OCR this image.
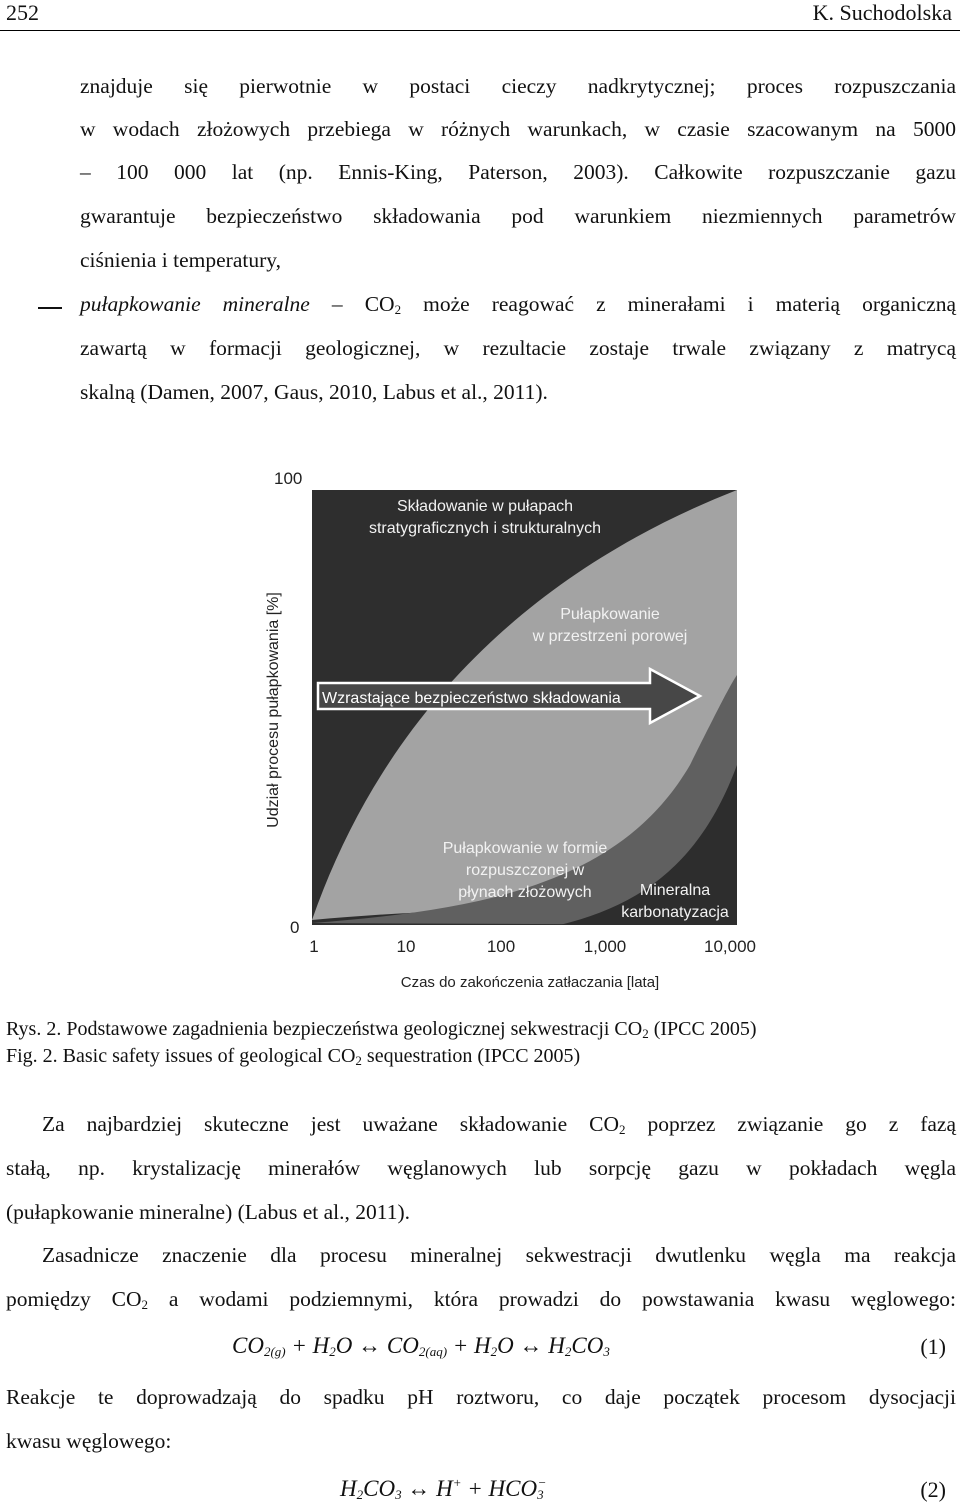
252	K. Suchodolska
znajduje się pierwotnie w postaci cieczy nadkrytycznej; proces rozpuszczania
w wodach złożowych przebiega w różnych warunkach, w czasie szacowanym na 5000
– 100 000 lat (np. Ennis-King, Paterson, 2003). Całkowite rozpuszczanie gazu
gwarantuje bezpieczeństwo składowania pod warunkiem niezmiennych parametrów
ciśnienia i temperatury,
pułapkowanie mineralne – $CO_2$ może reagować z minerałami i materią organiczną
zawartą w formacji geologicznej, w rezultacie zostaje trwale związany z matrycą
skalną (Damen, 2007, Gaus, 2010, Labus et al., 2011).
Składowanie w pułapach
stratygraficznych i strukturalnych
Pułapkowanie
w przestrzeni porowej
Pułapkowanie w formie
rozpuszczonej w
płynach złożowych	Mineralna
karbonatyzacja
Wzrastające bezpieczeństwo składowania
Udział procesu pułapkowania [%]
100
0
1	10	100	1,000	10,000
Czas do zakończenia zatłaczania [lata]
Rys. 2. Podstawowe zagadnienia bezpieczeństwa geologicznej sekwestracji $CO_2$ (IPCC 2005)
Fig. 2. Basic safety issues of geological $CO_2$ sequestration (IPCC 2005)
Za najbardziej skuteczne jest uważane składowanie $CO_2$ poprzez związanie go z fazą
stałą, np. krystalizację minerałów węglanowych lub sorpcję gazu w pokładach węgla
(pułapkowanie mineralne) (Labus et al., 2011).
Zasadnicze znaczenie dla procesu mineralnej sekwestracji dwutlenku węgla ma reakcja
pomiędzy $CO_2$ a wodami podziemnymi, która prowadzi do powstawania kwasu węglowego:
$CO_{2(g)} + H_2O$ ↔ $CO_{2(aq)} + H_2O$ ↔ $H_2CO_3$	(1)
Reakcje te doprowadzają do spadku pH roztworu, co daje początek procesom dysocjacji
kwasu węglowego:
$H_2CO_3$ ↔ $H^+ + HCO_3^-$	(2)
